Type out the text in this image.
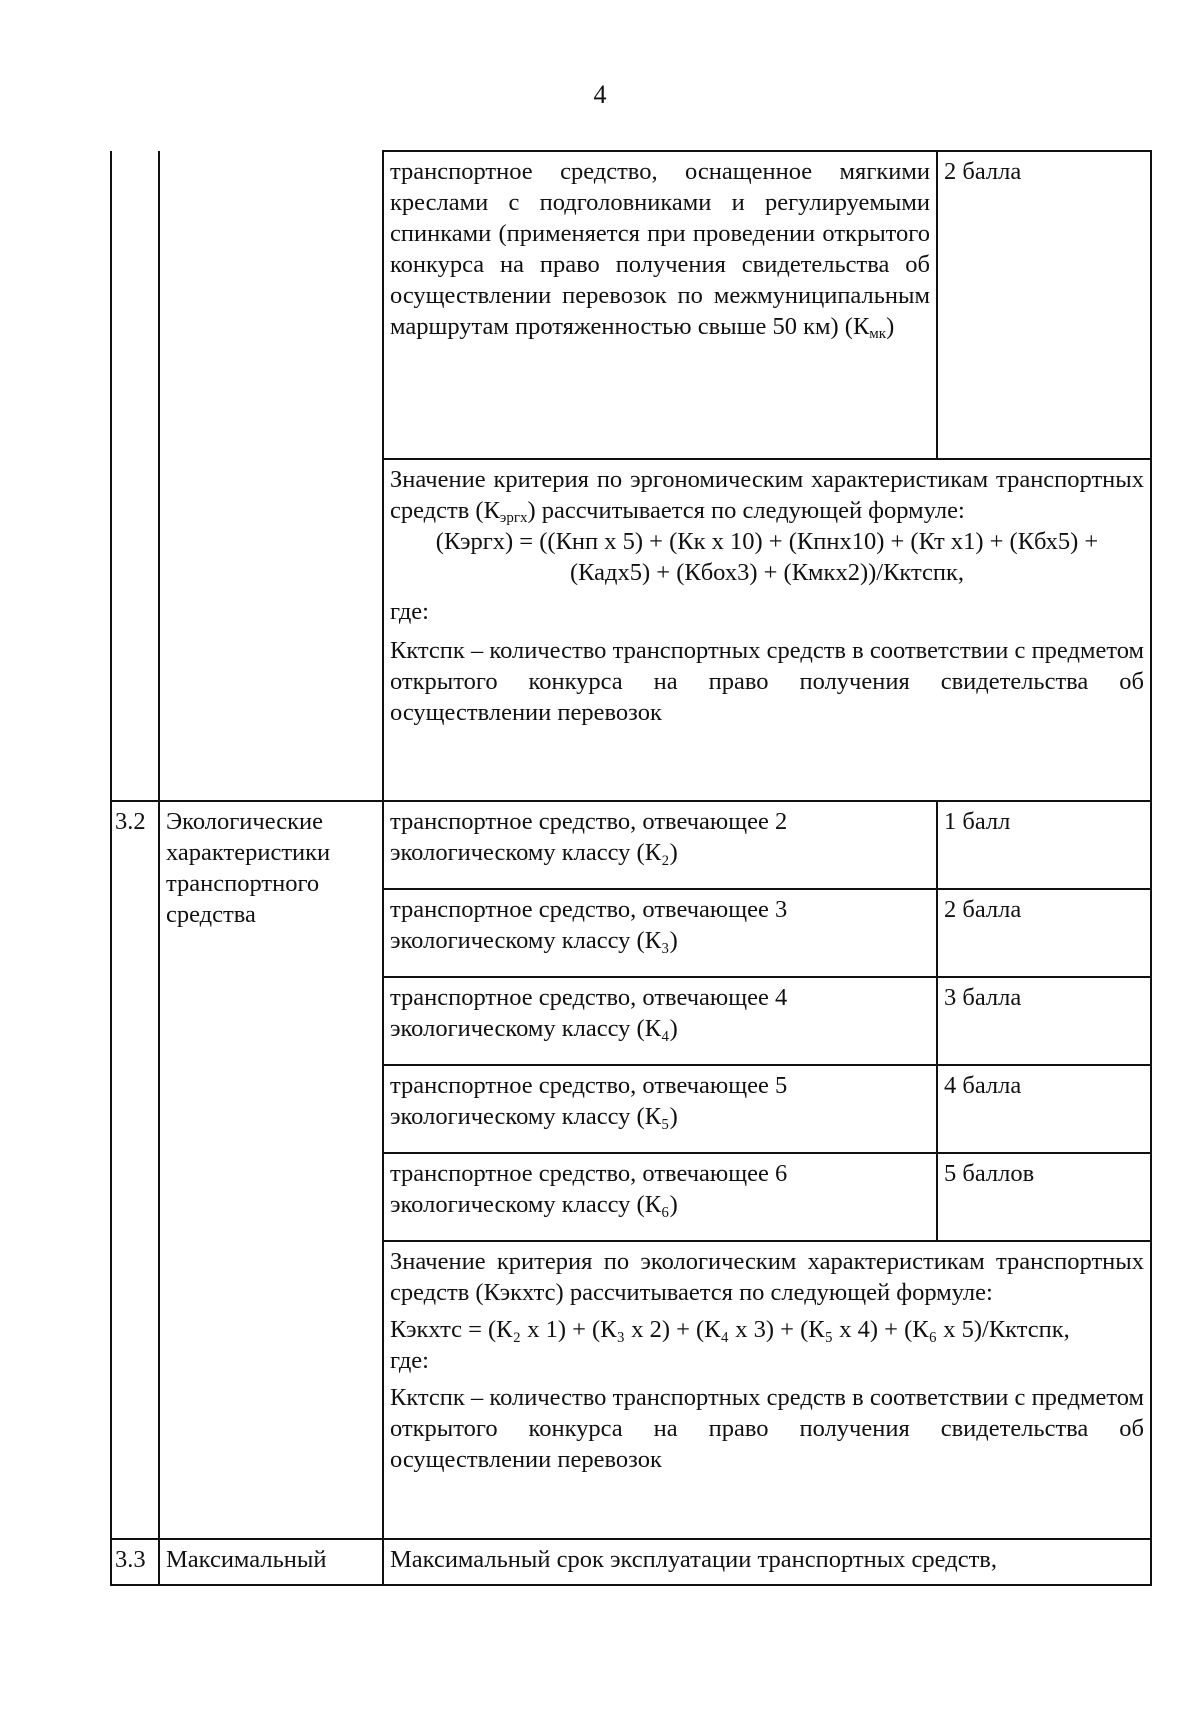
4
		транспортное средство, оснащенное мягкими креслами с подголовниками и регулируемыми спинками (применяется при проведении открытого конкурса на право получения свидетельства об осуществлении перевозок по межмуниципальным маршрутам протяженностью свыше 50 км) $(К_{мк})$	2 балла

		Значение критерия по эргономическим характеристикам транспортных средств $(К_{эргх})$ рассчитывается по следующей формуле:
(Кэргх) = ((Кнп х 5) + (Кк х 10) + (Кпнх10) + (Кт х1) + (Кбх5) +
(Кадх5) + (Кбох3) + (Кмкх2))/Кктспк,
где:
Кктспк – количество транспортных средств в соответствии с предметом открытого конкурса на право получения свидетельства об осуществлении перевозок	

3.2	Экологические характеристики транспортного средства	транспортное средство, отвечающее 2 экологическому классу (К₂)	1 балл
		транспортное средство, отвечающее 3 экологическому классу (К₃)	2 балла
		транспортное средство, отвечающее 4 экологическому классу (К₄)	3 балла
		транспортное средство, отвечающее 5 экологическому классу (К₅)	4 балла
		транспортное средство, отвечающее 6 экологическому классу (К₆)	5 баллов

		Значение критерия по экологическим характеристикам транспортных средств (Кэкхтс) рассчитывается по следующей формуле:
Кэкхтс = (К₂ х 1) + (К₃ х 2) + (К₄ х 3) + (К₅ х 4) + (К₆ х 5)/Кктспк,
где:
Кктспк – количество транспортных средств в соответствии с предметом открытого конкурса на право получения свидетельства об осуществлении перевозок	

3.3	Максимальный	Максимальный срок эксплуатации транспортных средств,	
